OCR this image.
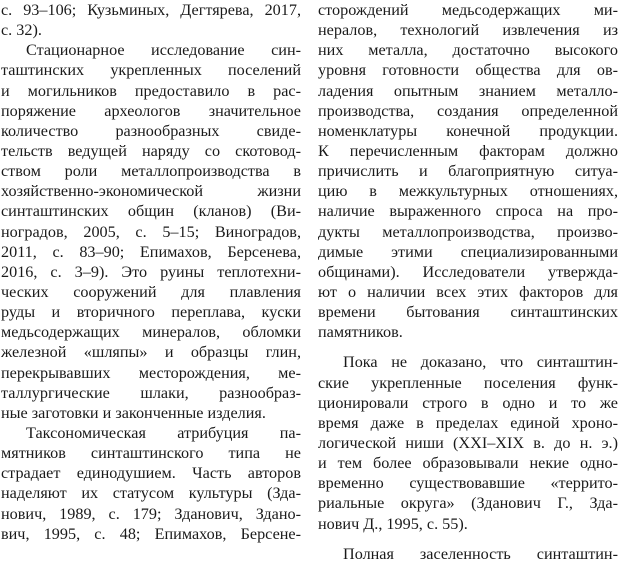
с. 93–106; Кузьминых, Дегтярева, 2017,
с. 32).
Стационарное исследование син-
таштинских укрепленных поселений
и могильников предоставило в рас-
поряжение археологов значительное
количество разнообразных свиде-
тельств ведущей наряду со скотовод-
ством роли металлопроизводства в
хозяйственно-экономической жизни
синташтинских общин (кланов) (Ви-
ноградов, 2005, с. 5–15; Виноградов,
2011, с. 83–90; Епимахов, Берсенева,
2016, с. 3–9). Это руины теплотехни-
ческих сооружений для плавления
руды и вторичного переплава, куски
медьсодержащих минералов, обломки
железной «шляпы» и образцы глин,
перекрывавших месторождения, ме-
таллургические шлаки, разнообраз-
ные заготовки и законченные изделия.
Таксономическая атрибуция па-
мятников синташтинского типа не
страдает единодушием. Часть авторов
наделяют их статусом культуры (Зда-
нович, 1989, с. 179; Зданович, Зданo-
вич, 1995, с. 48; Епимахов, Берсене-
сторождений медьсодержащих ми-
нералов, технологий извлечения из
них металла, достаточно высокого
уровня готовности общества для ов-
ладения опытным знанием металло-
производства, создания определенной
номенклатуры конечной продукции.
К перечисленным факторам должно
причислить и благоприятную ситуа-
цию в межкультурных отношениях,
наличие выраженного спроса на про-
дукты металлопроизводства, произво-
димые этими специализированными
общинами). Исследователи утвержда-
ют о наличии всех этих факторов для
времени бытования синташтинских
памятников.
Пока не доказано, что синташтин-
ские укрепленные поселения функ-
ционировали строго в одно и то же
время даже в пределах единой хроно-
логической ниши (XXI–XIX в. до н. э.)
и тем более образовывали некие одно-
временно существовавшие «террито-
риальные округа» (Зданович Г., Зда-
нович Д., 1995, с. 55).
Полная заселенность синташтин-
